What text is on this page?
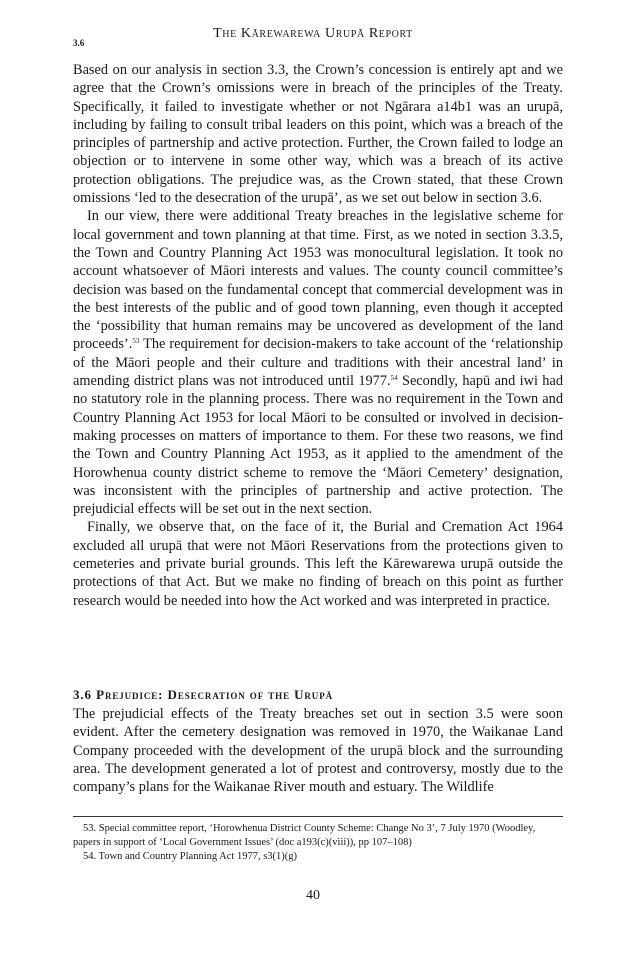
The Kārewarewa Urupā Report
3.6

Based on our analysis in section 3.3, the Crown’s concession is entirely apt and we agree that the Crown’s omissions were in breach of the principles of the Treaty. Specifically, it failed to investigate whether or not Ngārara a14b1 was an urupā, including by failing to consult tribal leaders on this point, which was a breach of the principles of partnership and active protection. Further, the Crown failed to lodge an objection or to intervene in some other way, which was a breach of its active protection obligations. The prejudice was, as the Crown stated, that these Crown omissions ‘led to the desecration of the urupā’, as we set out below in section 3.6.

In our view, there were additional Treaty breaches in the legislative scheme for local government and town planning at that time. First, as we noted in section 3.3.5, the Town and Country Planning Act 1953 was monocultural legislation. It took no account whatsoever of Māori interests and values. The county council committee’s decision was based on the fundamental concept that commercial development was in the best interests of the public and of good town planning, even though it accepted the ‘possibility that human remains may be uncovered as development of the land proceeds’.$^{53}$ The requirement for decision-makers to take account of the ‘relationship of the Māori people and their culture and traditions with their ancestral land’ in amending district plans was not introduced until 1977.54 Secondly, hapū and iwi had no statutory role in the planning process. There was no requirement in the Town and Country Planning Act 1953 for local Māori to be consulted or involved in decision-making processes on matters of importance to them. For these two reasons, we find the Town and Country Planning Act 1953, as it applied to the amendment of the Horowhenua county district scheme to remove the ‘Māori Cemetery’ designation, was inconsistent with the principles of partnership and active protection. The prejudicial effects will be set out in the next section.

Finally, we observe that, on the face of it, the Burial and Cremation Act 1964 excluded all urupā that were not Māori Reservations from the protections given to cemeteries and private burial grounds. This left the Kārewarewa urupā outside the protections of that Act. But we make no finding of breach on this point as further research would be needed into how the Act worked and was interpreted in practice.

3.6 Prejudice: Desecration of the Urupā

The prejudicial effects of the Treaty breaches set out in section 3.5 were soon evident. After the cemetery designation was removed in 1970, the Waikanae Land Company proceeded with the development of the urupā block and the surrounding area. The development generated a lot of protest and controversy, mostly due to the company’s plans for the Waikanae River mouth and estuary. The Wildlife

53. Special committee report, ‘Horowhenua District County Scheme: Change No 3’, 7 July 1970 (Woodley, papers in support of ‘Local Government Issues’ (doc a193(c)(viii)), pp 107–108)

54. Town and Country Planning Act 1977, s3(1)(g)

40
